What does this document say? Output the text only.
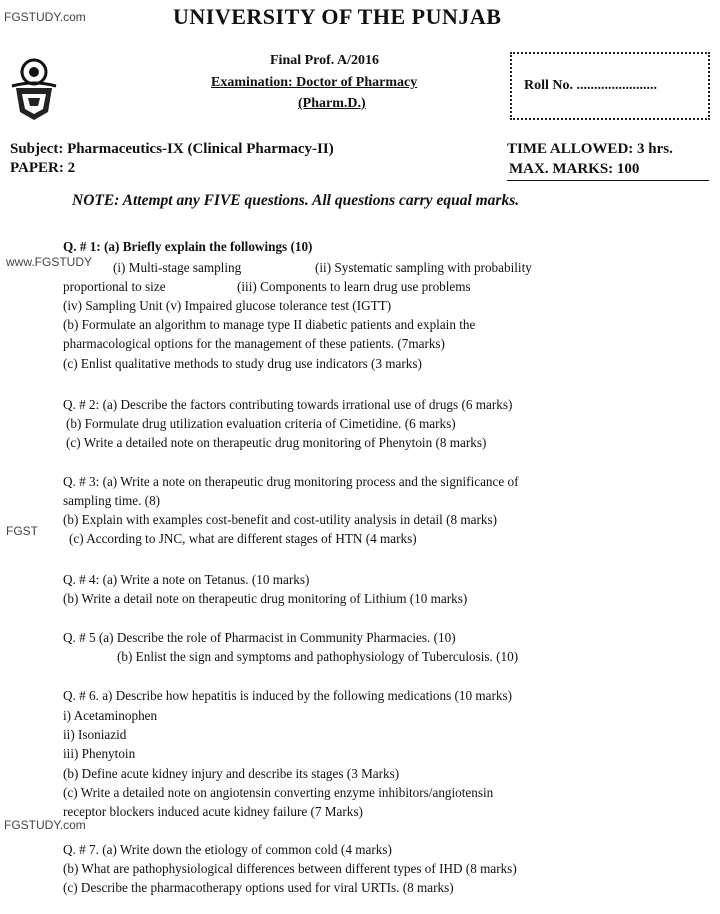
FGSTUDY.com	UNIVERSITY OF THE PUNJAB
Final Prof. A/2016
Examination: Doctor of Pharmacy
(Pharm.D.)
Roll No. .......................
Subject: Pharmaceutics-IX (Clinical Pharmacy-II)
PAPER: 2
TIME ALLOWED: 3 hrs.
MAX. MARKS: 100
NOTE: Attempt any FIVE questions. All questions carry equal marks.
Q. # 1: (a) Briefly explain the followings (10)
www.FGSTUDY (i) Multi-stage sampling	(ii) Systematic sampling with probability
proportional to size	(iii) Components to learn drug use problems
(iv) Sampling Unit (v) Impaired glucose tolerance test (IGTT)
(b) Formulate an algorithm to manage type II diabetic patients and explain the
pharmacological options for the management of these patients. (7marks)
(c) Enlist qualitative methods to study drug use indicators (3 marks)
Q. # 2: (a) Describe the factors contributing towards irrational use of drugs (6 marks)
(b) Formulate drug utilization evaluation criteria of Cimetidine. (6 marks)
(c) Write a detailed note on therapeutic drug monitoring of Phenytoin (8 marks)
Q. # 3: (a) Write a note on therapeutic drug monitoring process and the significance of
sampling time. (8)
(b) Explain with examples cost-benefit and cost-utility analysis in detail (8 marks)
FGST (c) According to JNC, what are different stages of HTN (4 marks)
Q. # 4: (a) Write a note on Tetanus. (10 marks)
(b) Write a detail note on therapeutic drug monitoring of Lithium (10 marks)
Q. # 5 (a) Describe the role of Pharmacist in Community Pharmacies. (10)
(b) Enlist the sign and symptoms and pathophysiology of Tuberculosis. (10)
Q. # 6. a) Describe how hepatitis is induced by the following medications (10 marks)
i) Acetaminophen
ii) Isoniazid
iii) Phenytoin
(b) Define acute kidney injury and describe its stages (3 Marks)
(c) Write a detailed note on angiotensin converting enzyme inhibitors/angiotensin
receptor blockers induced acute kidney failure (7 Marks)
FGSTUDY.com
Q. # 7. (a) Write down the etiology of common cold (4 marks)
(b) What are pathophysiological differences between different types of IHD (8 marks)
(c) Describe the pharmacotherapy options used for viral URTIs. (8 marks)
